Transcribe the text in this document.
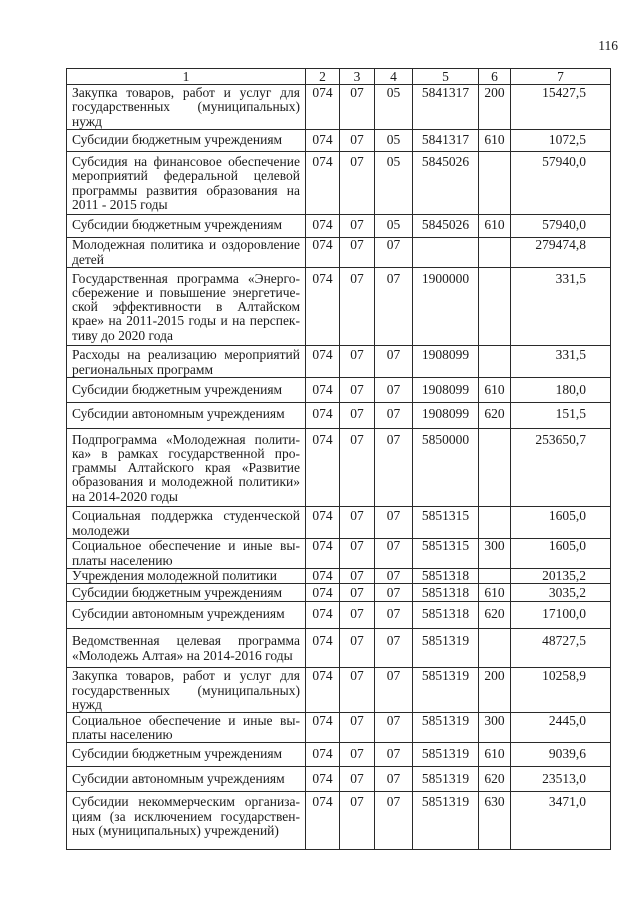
116
1	2	3	4	5	6	7

Закупка товаров, работ и услуг для
государственных (муниципальных)
нужд	074	07	05	5841317	200	15427,5

Субсидии бюджетным учреждениям	074	07	05	5841317	610	1072,5

Субсидия на финансовое обеспечение
мероприятий федеральной целевой
программы развития образования на
2011 - 2015 годы	074	07	05	5845026		57940,0

Субсидии бюджетным учреждениям	074	07	05	5845026	610	57940,0

Молодежная политика и оздоровление
детей	074	07	07			279474,8

Государственная программа «Энерго-
сбережение и повышение энергетиче-
ской эффективности в Алтайском
крае» на 2011-2015 годы и на перспек-
тиву до 2020 года	074	07	07	1900000		331,5

Расходы на реализацию мероприятий
региональных программ	074	07	07	1908099		331,5

Субсидии бюджетным учреждениям	074	07	07	1908099	610	180,0

Субсидии автономным учреждениям	074	07	07	1908099	620	151,5

Подпрограмма «Молодежная полити-
ка» в рамках государственной про-
граммы Алтайского края «Развитие
образования и молодежной политики»
на 2014-2020 годы	074	07	07	5850000		253650,7

Социальная поддержка студенческой
молодежи	074	07	07	5851315		1605,0

Социальное обеспечение и иные вы-
платы населению	074	07	07	5851315	300	1605,0

Учреждения молодежной политики	074	07	07	5851318		20135,2

Субсидии бюджетным учреждениям	074	07	07	5851318	610	3035,2

Субсидии автономным учреждениям	074	07	07	5851318	620	17100,0

Ведомственная целевая программа
«Молодежь Алтая» на 2014-2016 годы	074	07	07	5851319		48727,5

Закупка товаров, работ и услуг для
государственных (муниципальных)
нужд	074	07	07	5851319	200	10258,9

Социальное обеспечение и иные вы-
платы населению	074	07	07	5851319	300	2445,0

Субсидии бюджетным учреждениям	074	07	07	5851319	610	9039,6

Субсидии автономным учреждениям	074	07	07	5851319	620	23513,0

Субсидии некоммерческим организа-
циям (за исключением государствен-
ных (муниципальных) учреждений)	074	07	07	5851319	630	3471,0
